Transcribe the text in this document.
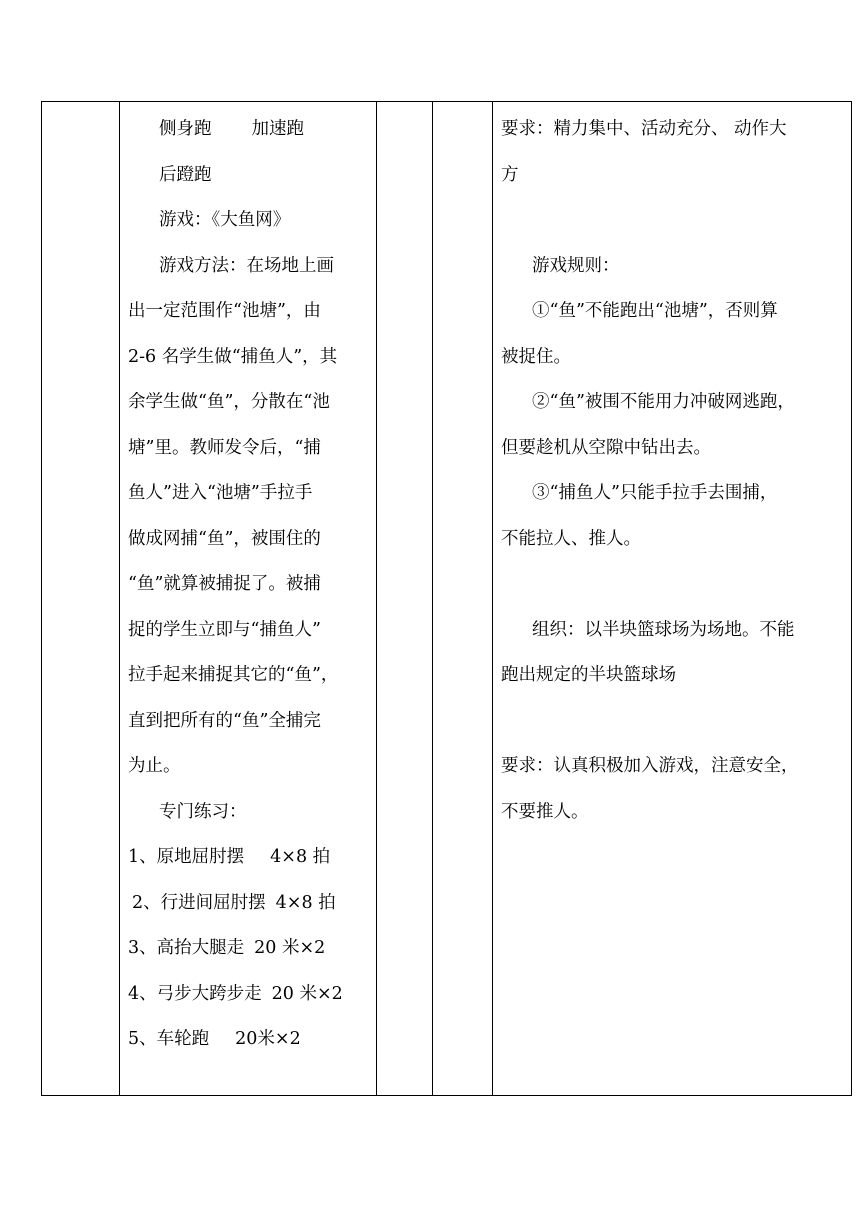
侧身跑 加速跑
后蹬跑
游戏：《大鱼网》
游戏方法：在场地上画
出一定范围作“池塘”，由
2-6 名学生做“捕鱼人”，其
余学生做“鱼”，分散在“池
塘”里。教师发令后，“捕
鱼人”进入“池塘”手拉手
做成网捕“鱼”，被围住的
“鱼”就算被捕捉了。被捕
捉的学生立即与“捕鱼人”
拉手起来捕捉其它的“鱼”，
直到把所有的“鱼”全捕完
为止。
专门练习：
1、原地屈肘摆 4×8 拍
2、行进间屈肘摆 4×8 拍
3、高抬大腿走 20 米×2
4、弓步大跨步走 20 米×2
5、车轮跑 20米×2

要求：精力集中、活动充分、 动作大
方
游戏规则：
①“鱼”不能跑出“池塘”，否则算
被捉住。
②“鱼”被围不能用力冲破网逃跑，
但要趁机从空隙中钻出去。
③“捕鱼人”只能手拉手去围捕，
不能拉人、推人。
组织：以半块篮球场为场地。不能
跑出规定的半块篮球场
要求：认真积极加入游戏，注意安全，
不要推人。
